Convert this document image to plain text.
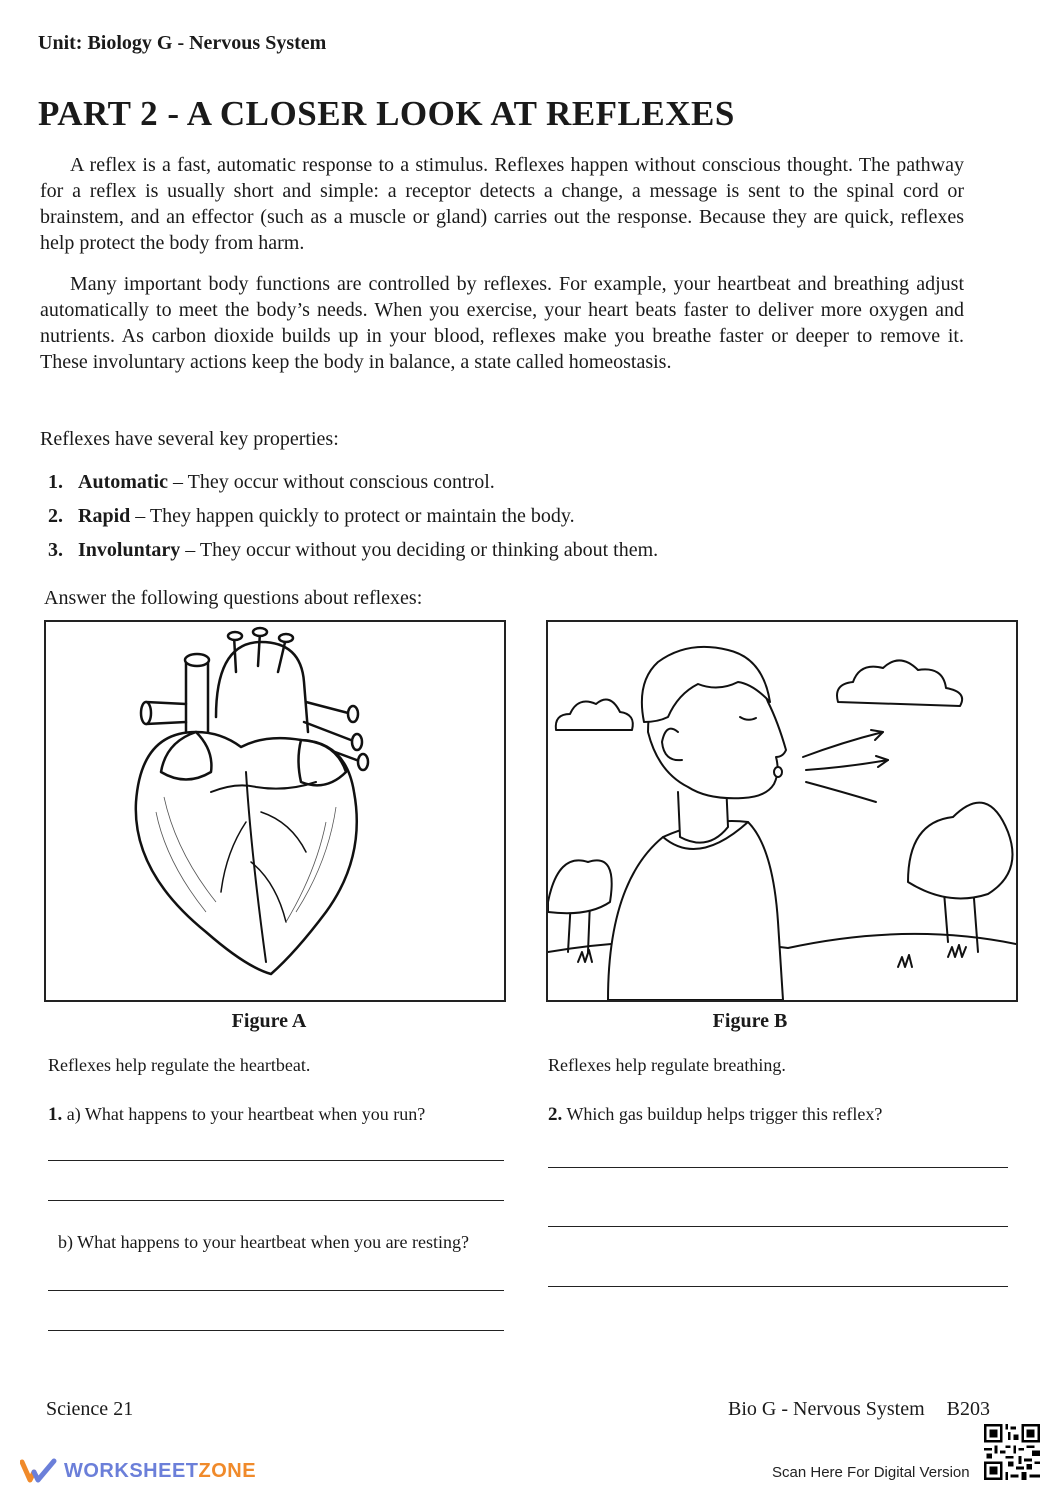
Unit: Biology G - Nervous System
PART 2 - A CLOSER LOOK AT REFLEXES

A reflex is a fast, automatic response to a stimulus. Reflexes happen without conscious thought. The pathway for a reflex is usually short and simple: a receptor detects a change, a message is sent to the spinal cord or brainstem, and an effector (such as a muscle or gland) carries out the response. Because they are quick, reflexes help protect the body from harm.

Many important body functions are controlled by reflexes. For example, your heartbeat and breathing adjust automatically to meet the body’s needs. When you exercise, your heart beats faster to deliver more oxygen and nutrients. As carbon dioxide builds up in your blood, reflexes make you breathe faster or deeper to remove it. These involuntary actions keep the body in balance, a state called homeostasis.

Reflexes have several key properties:
1. Automatic – They occur without conscious control.
2. Rapid – They happen quickly to protect or maintain the body.
3. Involuntary – They occur without you deciding or thinking about them.
Answer the following questions about reflexes:
Figure A	Figure B
Reflexes help regulate the heartbeat.	Reflexes help regulate breathing.
1. a) What happens to your heartbeat when you run?
b) What happens to your heartbeat when you are resting?
2. Which gas buildup helps trigger this reflex?
Science 21	Bio G - Nervous System B203
WORKSHEETZONE	Scan Here For Digital Version
